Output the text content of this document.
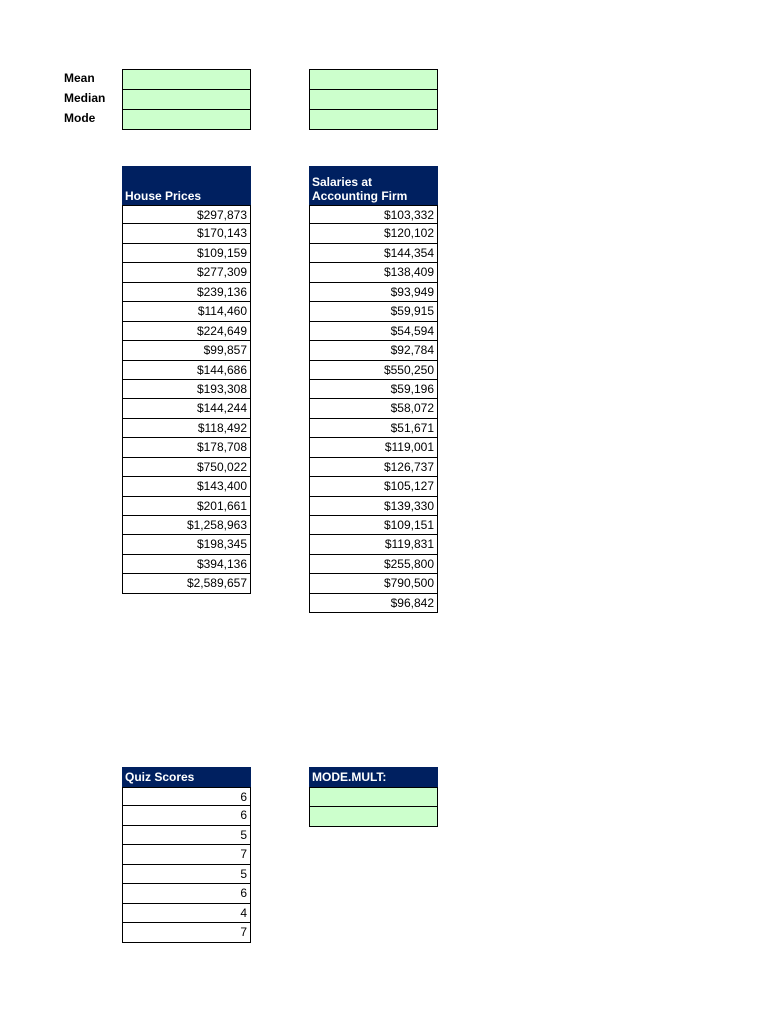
Mean
Median
Mode
House Prices
$297,873
$170,143
$109,159
$277,309
$239,136
$114,460
$224,649
$99,857
$144,686
$193,308
$144,244
$118,492
$178,708
$750,022
$143,400
$201,661
$1,258,963
$198,345
$394,136
$2,589,657
Salaries at Accounting Firm
$103,332
$120,102
$144,354
$138,409
$93,949
$59,915
$54,594
$92,784
$550,250
$59,196
$58,072
$51,671
$119,001
$126,737
$105,127
$139,330
$109,151
$119,831
$255,800
$790,500
$96,842
Quiz Scores
6
6
5
7
5
6
4
7
MODE.MULT:
